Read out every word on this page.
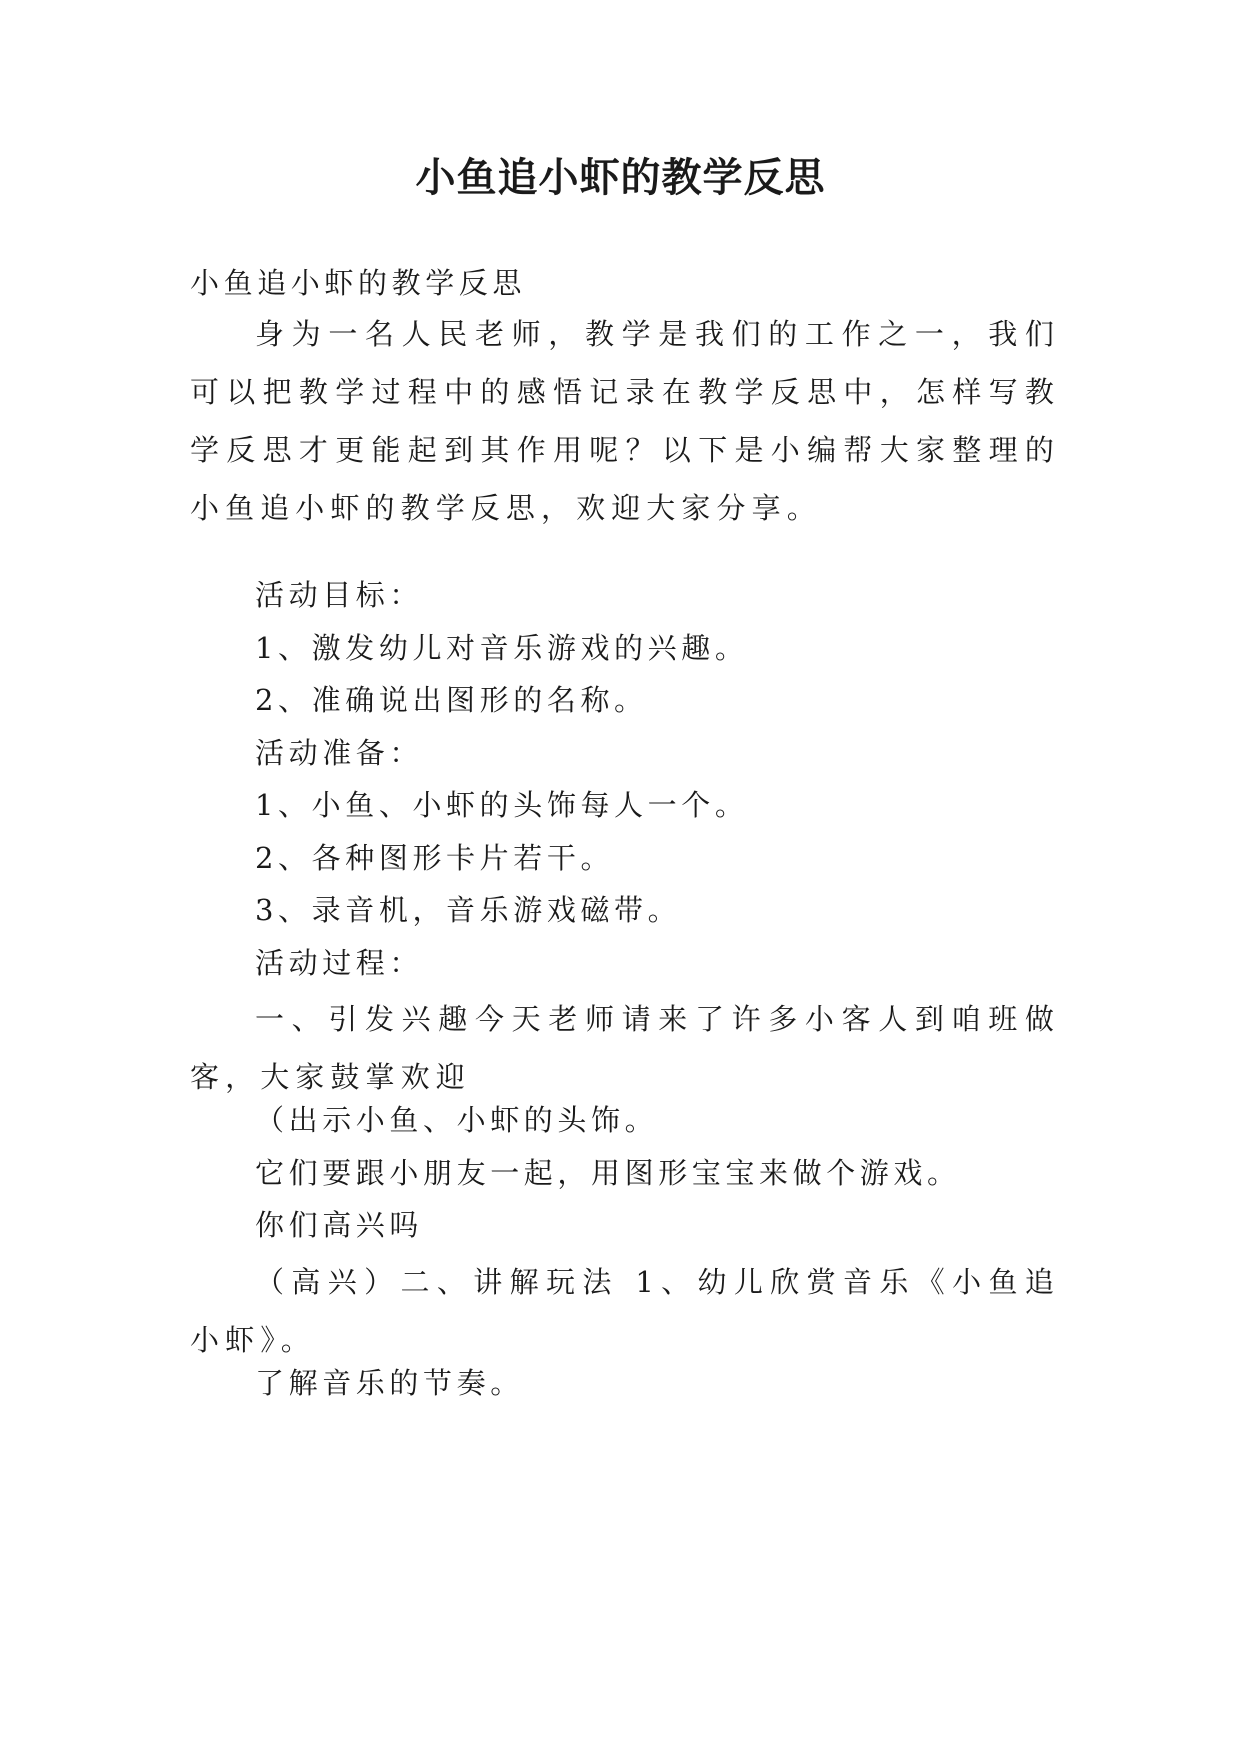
小鱼追小虾的教学反思

小鱼追小虾的教学反思

身为一名人民老师，教学是我们的工作之一，我们可以把教学过程中的感悟记录在教学反思中，怎样写教学反思才更能起到其作用呢？以下是小编帮大家整理的小鱼追小虾的教学反思，欢迎大家分享。

活动目标：

1、激发幼儿对音乐游戏的兴趣。

2、准确说出图形的名称。

活动准备：

1、小鱼、小虾的头饰每人一个。

2、各种图形卡片若干。

3、录音机，音乐游戏磁带。

活动过程：

一、引发兴趣今天老师请来了许多小客人到咱班做客，大家鼓掌欢迎

（出示小鱼、小虾的头饰。

它们要跟小朋友一起，用图形宝宝来做个游戏。

你们高兴吗

（高兴）二、讲解玩法 1、幼儿欣赏音乐《小鱼追小虾》。

了解音乐的节奏。
